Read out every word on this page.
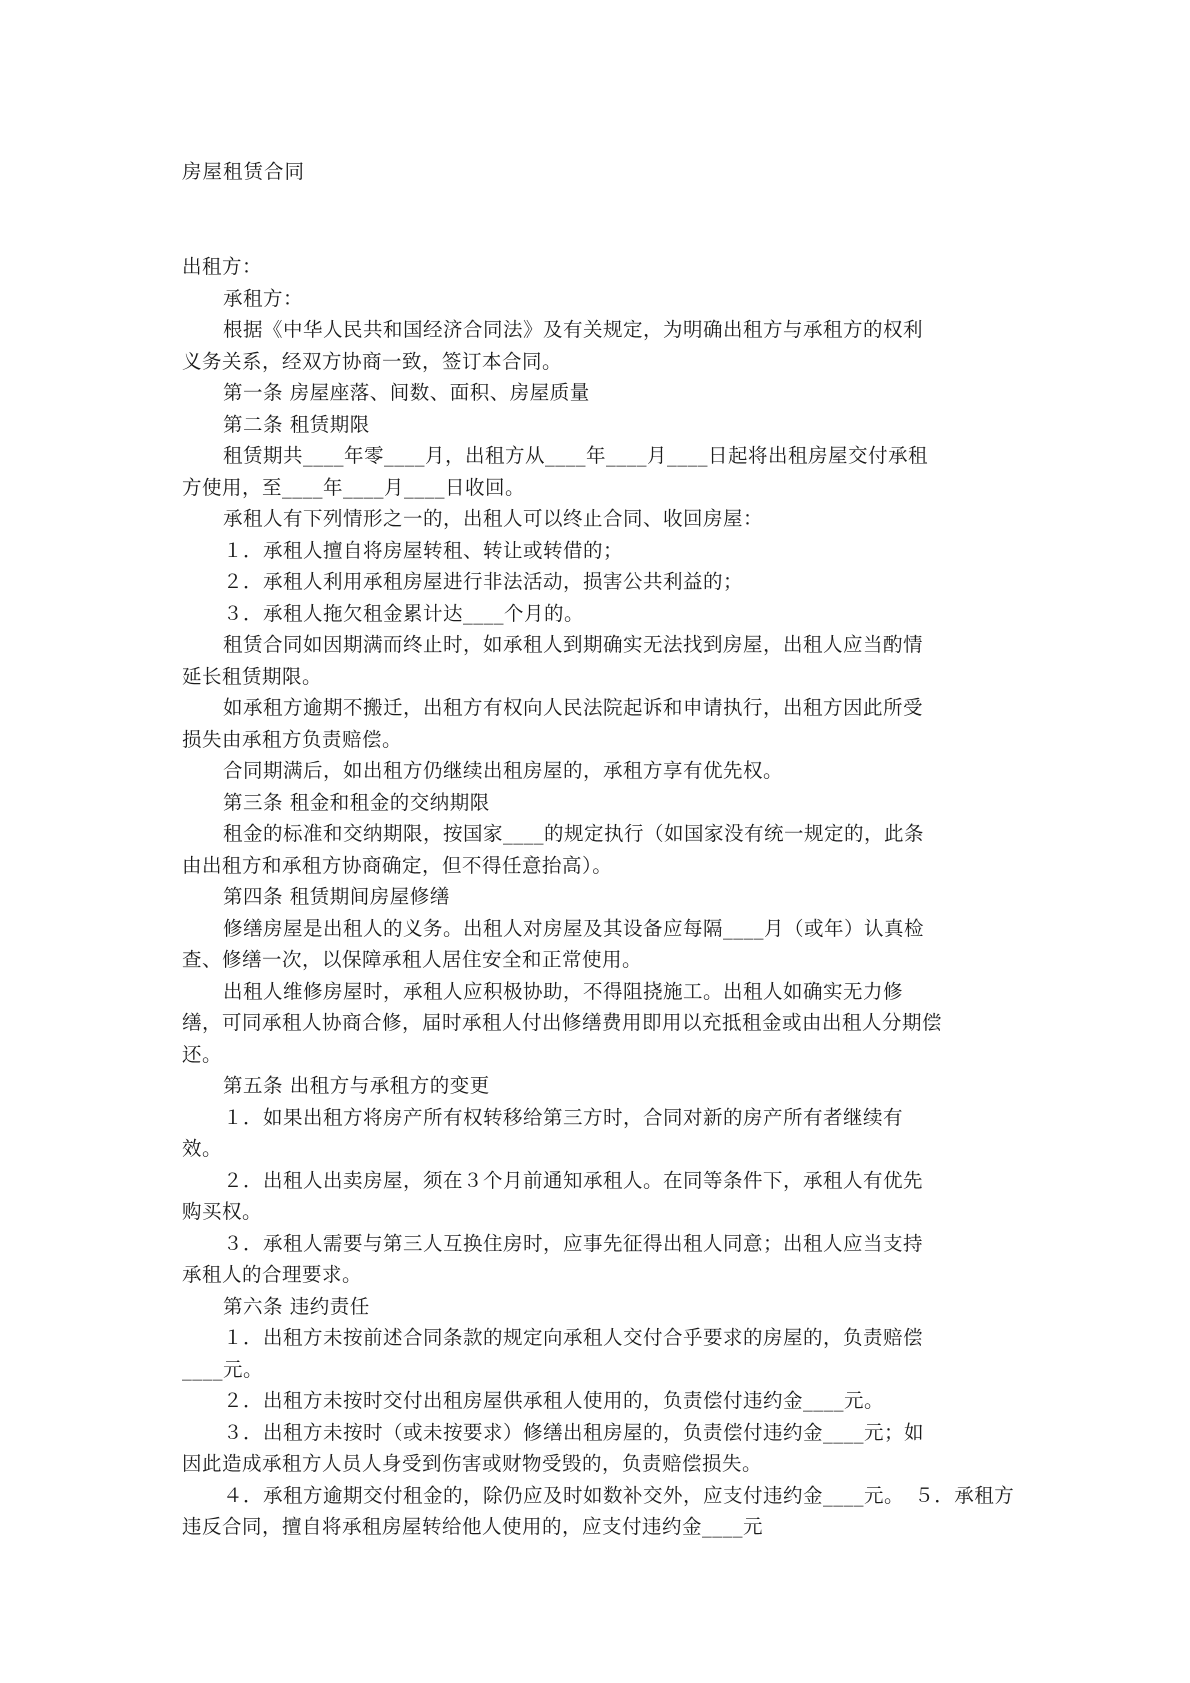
房屋租赁合同
出租方：
承租方：
根据《中华人民共和国经济合同法》及有关规定，为明确出租方与承租方的权利义务关系，经双方协商一致，签订本合同。
第一条 房屋座落、间数、面积、房屋质量
第二条 租赁期限
租赁期共____年零____月，出租方从____年____月____日起将出租房屋交付承租方使用，至____年____月____日收回。
承租人有下列情形之一的，出租人可以终止合同、收回房屋：
１．承租人擅自将房屋转租、转让或转借的；
２．承租人利用承租房屋进行非法活动，损害公共利益的；
３．承租人拖欠租金累计达____个月的。
租赁合同如因期满而终止时，如承租人到期确实无法找到房屋，出租人应当酌情延长租赁期限。
如承租方逾期不搬迁，出租方有权向人民法院起诉和申请执行，出租方因此所受损失由承租方负责赔偿。
合同期满后，如出租方仍继续出租房屋的，承租方享有优先权。
第三条 租金和租金的交纳期限
租金的标准和交纳期限，按国家____的规定执行（如国家没有统一规定的，此条由出租方和承租方协商确定，但不得任意抬高）。
第四条 租赁期间房屋修缮
修缮房屋是出租人的义务。出租人对房屋及其设备应每隔____月（或年）认真检查、修缮一次，以保障承租人居住安全和正常使用。
出租人维修房屋时，承租人应积极协助，不得阻挠施工。出租人如确实无力修缮，可同承租人协商合修，届时承租人付出修缮费用即用以充抵租金或由出租人分期偿还。
第五条 出租方与承租方的变更
１．如果出租方将房产所有权转移给第三方时，合同对新的房产所有者继续有效。
２．出租人出卖房屋，须在３个月前通知承租人。在同等条件下，承租人有优先购买权。
３．承租人需要与第三人互换住房时，应事先征得出租人同意；出租人应当支持承租人的合理要求。
第六条 违约责任
１．出租方未按前述合同条款的规定向承租人交付合乎要求的房屋的，负责赔偿____元。
２．出租方未按时交付出租房屋供承租人使用的，负责偿付违约金____元。
３．出租方未按时（或未按要求）修缮出租房屋的，负责偿付违约金____元；如因此造成承租方人员人身受到伤害或财物受毁的，负责赔偿损失。
４．承租方逾期交付租金的，除仍应及时如数补交外，应支付违约金____元。　５．承租方违反合同，擅自将承租房屋转给他人使用的，应支付违约金____元
